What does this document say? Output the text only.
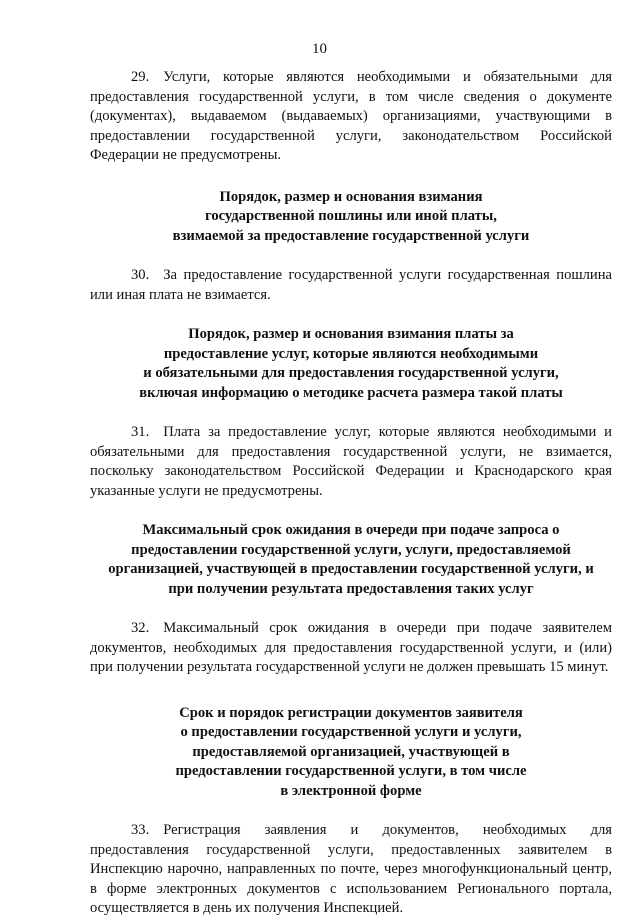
10

29. Услуги, которые являются необходимыми и обязательными для предоставления государственной услуги, в том числе сведения о документе (документах), выдаваемом (выдаваемых) организациями, участвующими в предоставлении государственной услуги, законодательством Российской Федерации не предусмотрены.

Порядок, размер и основания взимания
государственной пошлины или иной платы,
взимаемой за предоставление государственной услуги

30. За предоставление государственной услуги государственная пошлина или иная плата не взимается.

Порядок, размер и основания взимания платы за
предоставление услуг, которые являются необходимыми
и обязательными для предоставления государственной услуги,
включая информацию о методике расчета размера такой платы

31. Плата за предоставление услуг, которые являются необходимыми и обязательными для предоставления государственной услуги, не взимается, поскольку законодательством Российской Федерации и Краснодарского края указанные услуги не предусмотрены.

Максимальный срок ожидания в очереди при подаче запроса о
предоставлении государственной услуги, услуги, предоставляемой
организацией, участвующей в предоставлении государственной услуги, и
при получении результата предоставления таких услуг

32. Максимальный срок ожидания в очереди при подаче заявителем документов, необходимых для предоставления государственной услуги, и (или) при получении результата государственной услуги не должен превышать 15 минут.

Срок и порядок регистрации документов заявителя
о предоставлении государственной услуги и услуги,
предоставляемой организацией, участвующей в
предоставлении государственной услуги, в том числе
в электронной форме

33. Регистрация заявления и документов, необходимых для предоставления государственной услуги, предоставленных заявителем в Инспекцию нарочно, направленных по почте, через многофункциональный центр, в форме электронных документов с использованием Регионального портала, осуществляется в день их получения Инспекцией.
